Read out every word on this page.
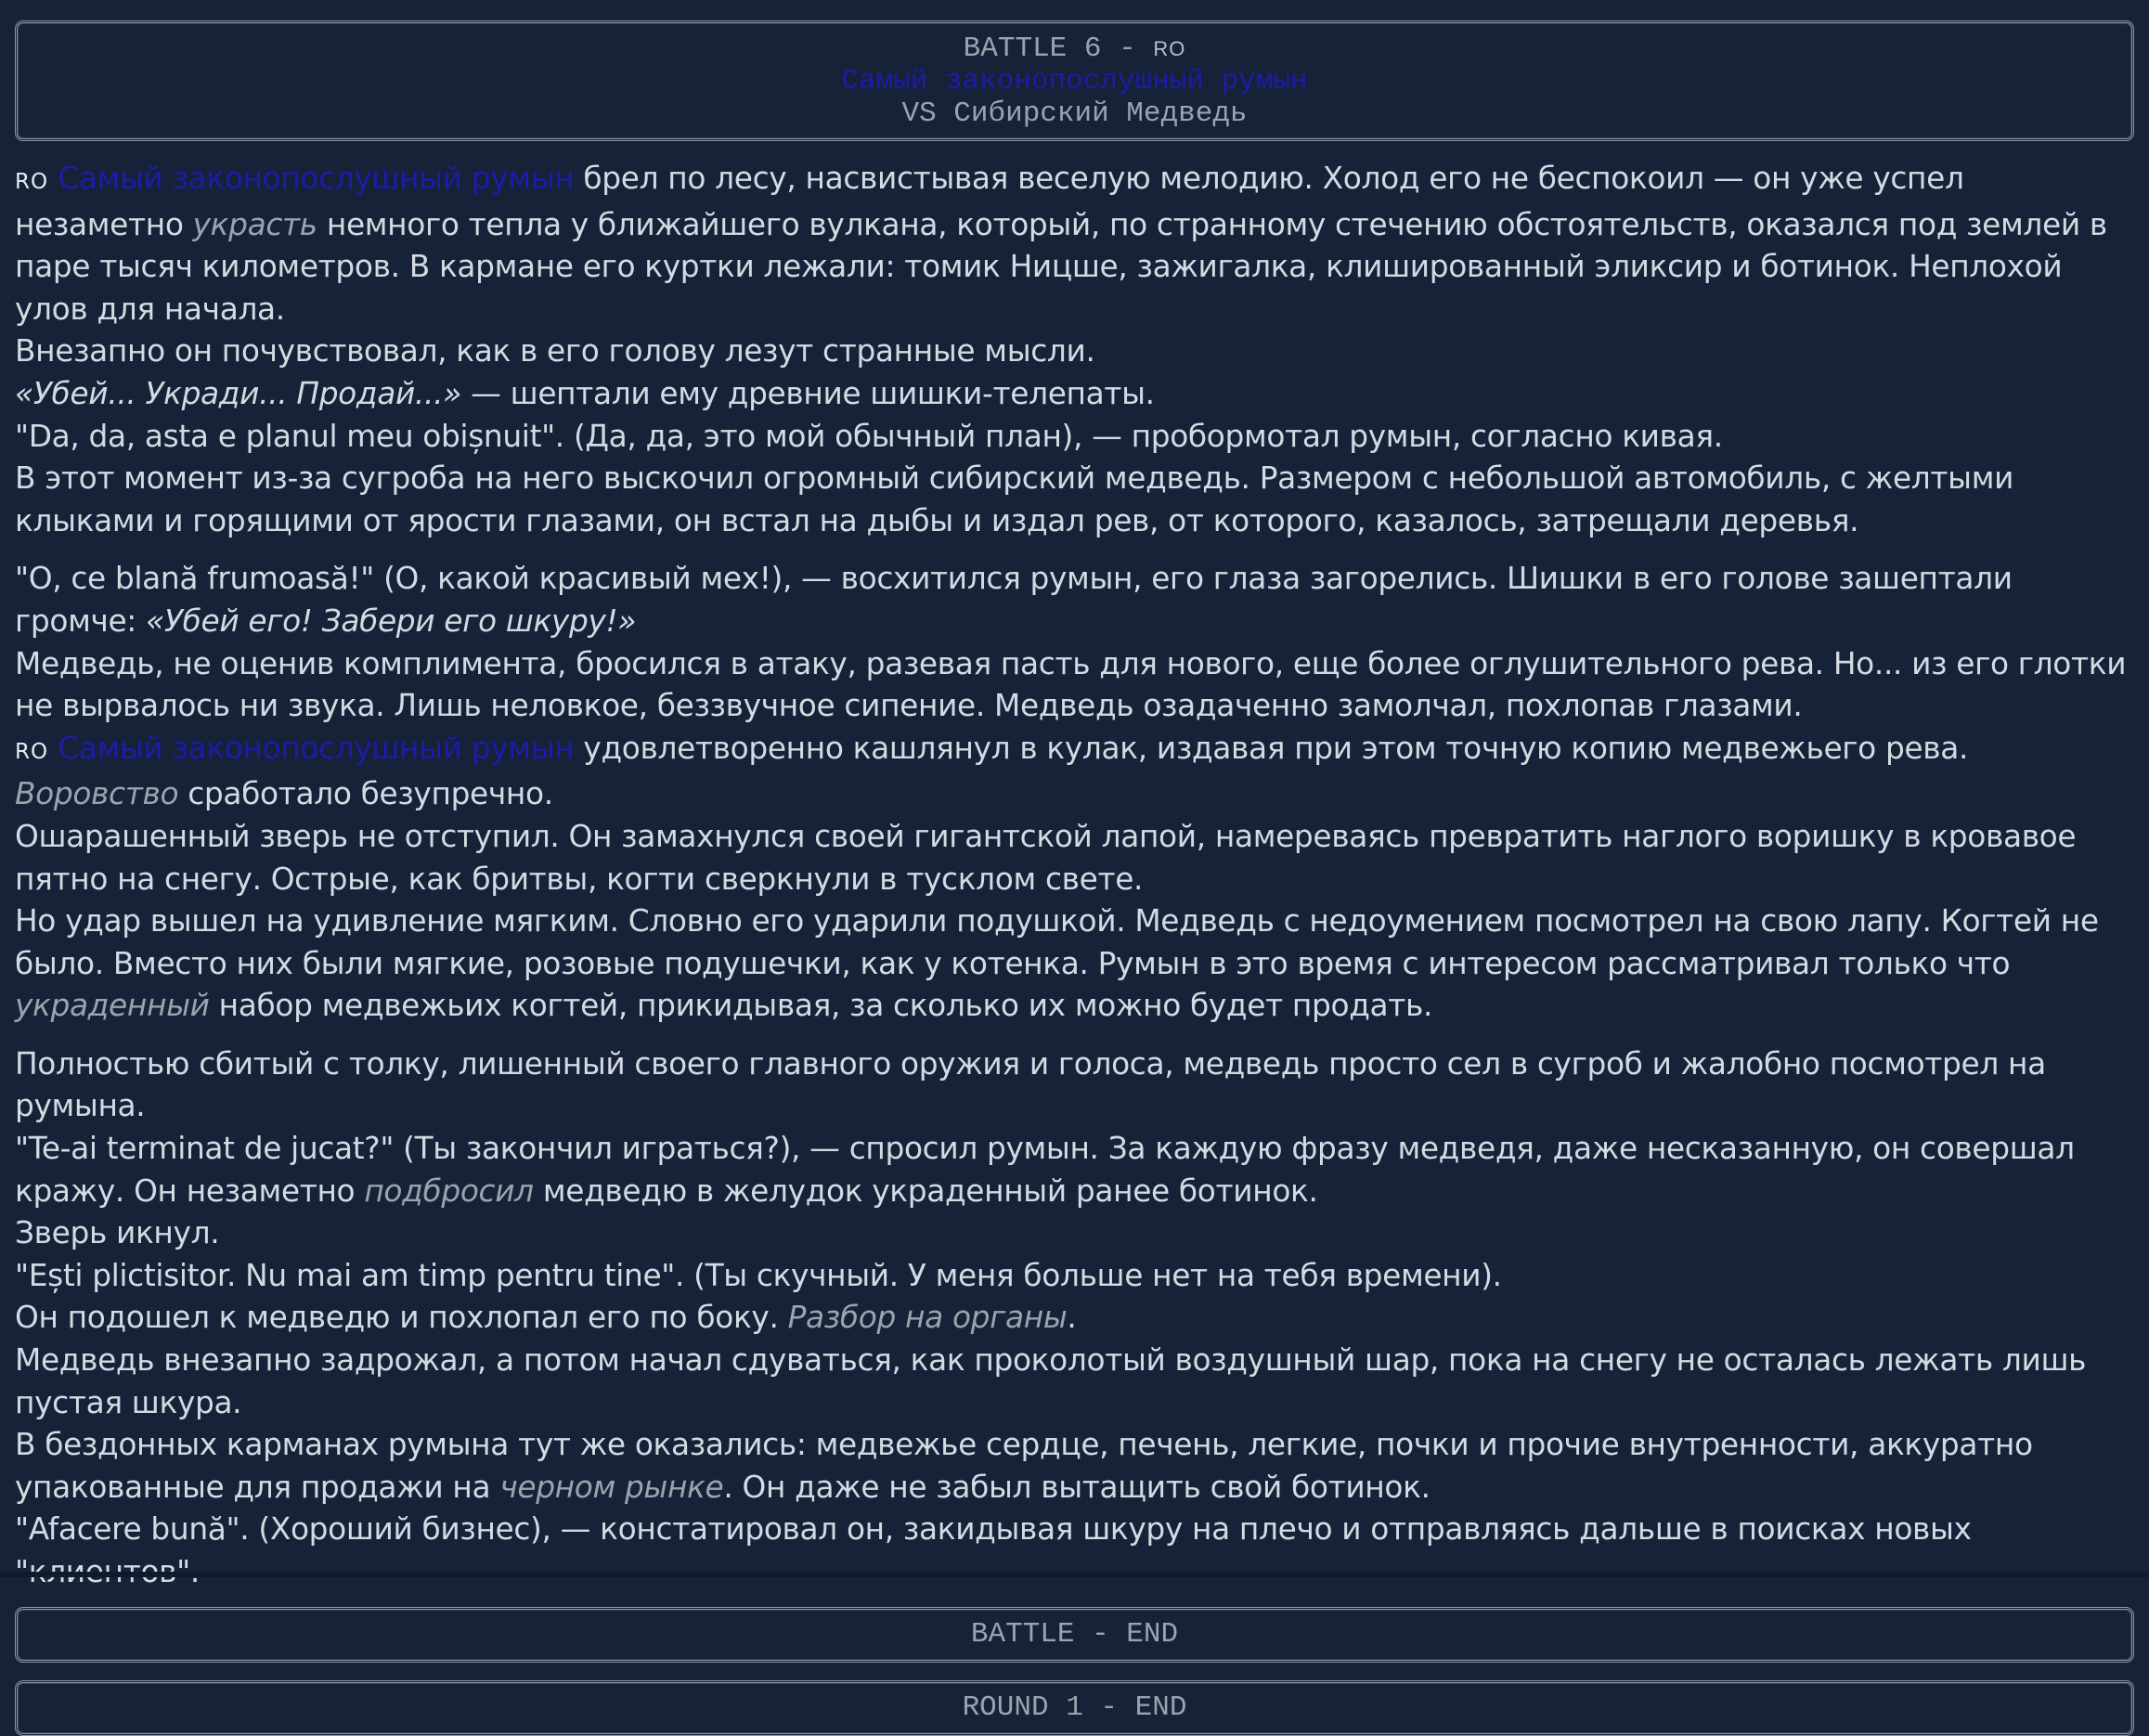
BATTLE 6 - RO
Самый законопослушный румын
VS Сибирский Медведь

RO Самый законопослушный румын брел по лесу, насвистывая веселую мелодию. Холод его не беспокоил — он уже успел незаметно украсть немного тепла у ближайшего вулкана, который, по странному стечению обстоятельств, оказался под землей в паре тысяч километров. В кармане его куртки лежали: томик Ницше, зажигалка, клишированный эликсир и ботинок. Неплохой улов для начала.

Внезапно он почувствовал, как в его голову лезут странные мысли.

«Убей... Укради... Продай...» — шептали ему древние шишки-телепаты.

"Da, da, asta e planul meu obișnuit". (Да, да, это мой обычный план), — пробормотал румын, согласно кивая.

В этот момент из-за сугроба на него выскочил огромный сибирский медведь. Размером с небольшой автомобиль, с желтыми клыками и горящими от ярости глазами, он встал на дыбы и издал рев, от которого, казалось, затрещали деревья.

"O, ce blană frumoasă!" (О, какой красивый мех!), — восхитился румын, его глаза загорелись. Шишки в его голове зашептали громче: «Убей его! Забери его шкуру!»

Медведь, не оценив комплимента, бросился в атаку, разевая пасть для нового, еще более оглушительного рева. Но... из его глотки не вырвалось ни звука. Лишь неловкое, беззвучное сипение. Медведь озадаченно замолчал, похлопав глазами.

RO Самый законопослушный румын удовлетворенно кашлянул в кулак, издавая при этом точную копию медвежьего рева. Воровство сработало безупречно.

Ошарашенный зверь не отступил. Он замахнулся своей гигантской лапой, намереваясь превратить наглого воришку в кровавое пятно на снегу. Острые, как бритвы, когти сверкнули в тусклом свете.

Но удар вышел на удивление мягким. Словно его ударили подушкой. Медведь с недоумением посмотрел на свою лапу. Когтей не было. Вместо них были мягкие, розовые подушечки, как у котенка. Румын в это время с интересом рассматривал только что украденный набор медвежьих когтей, прикидывая, за сколько их можно будет продать.

Полностью сбитый с толку, лишенный своего главного оружия и голоса, медведь просто сел в сугроб и жалобно посмотрел на румына.

"Te-ai terminat de jucat?" (Ты закончил играться?), — спросил румын. За каждую фразу медведя, даже несказанную, он совершал кражу. Он незаметно подбросил медведю в желудок украденный ранее ботинок.

Зверь икнул.

"Ești plictisitor. Nu mai am timp pentru tine". (Ты скучный. У меня больше нет на тебя времени).

Он подошел к медведю и похлопал его по боку. Разбор на органы.

Медведь внезапно задрожал, а потом начал сдуваться, как проколотый воздушный шар, пока на снегу не осталась лежать лишь пустая шкура.

В бездонных карманах румына тут же оказались: медвежье сердце, печень, легкие, почки и прочие внутренности, аккуратно упакованные для продажи на черном рынке. Он даже не забыл вытащить свой ботинок.

"Afacere bună". (Хороший бизнес), — констатировал он, закидывая шкуру на плечо и отправляясь дальше в поисках новых

BATTLE - END
ROUND 1 - END
